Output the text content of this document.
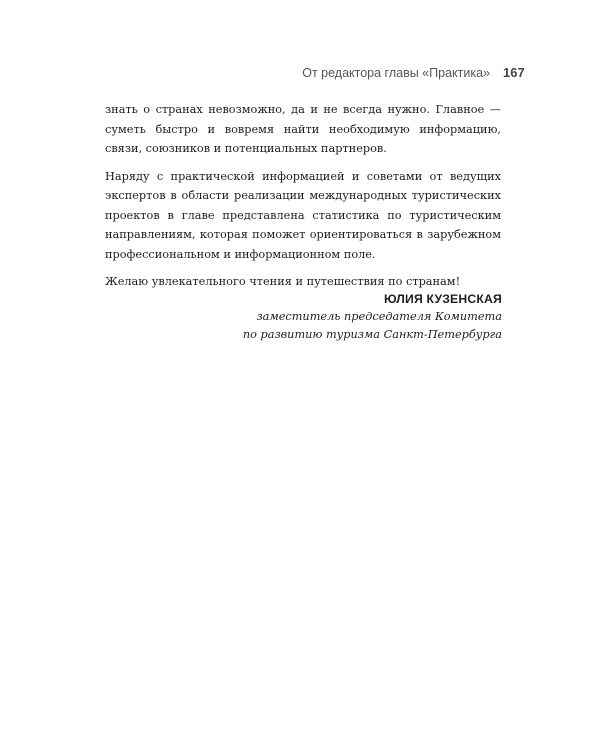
От редактора главы «Практика» 167

знать о странах невозможно, да и не всегда нужно. Главное — суметь быстро и вовремя найти необходимую информацию, связи, союзников и потенциальных партнеров.

Наряду с практической информацией и советами от ведущих экспертов в области реализации международных туристических проектов в главе представлена статистика по туристическим направлениям, которая поможет ориентироваться в зарубежном профессиональном и информационном поле.

Желаю увлекательного чтения и путешествия по странам!

ЮЛИЯ КУЗЕНСКАЯ
заместитель председателя Комитета
по развитию туризма Санкт-Петербурга
